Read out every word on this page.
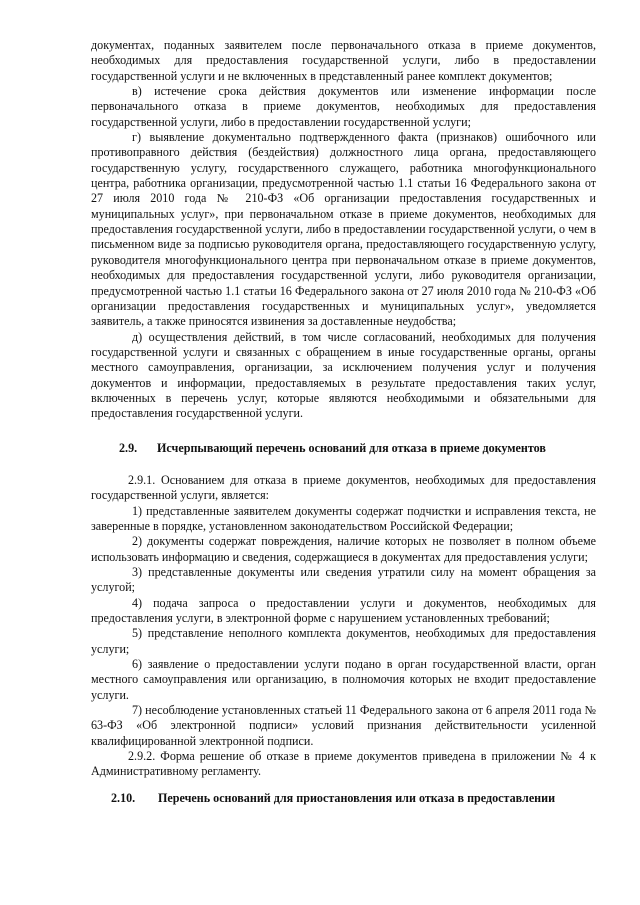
документах, поданных заявителем после первоначального отказа в приеме документов, необходимых для предоставления государственной услуги, либо в предоставлении государственной услуги и не включенных в представленный ранее комплект документов;

в) истечение срока действия документов или изменение информации после первоначального отказа в приеме документов, необходимых для предоставления государственной услуги, либо в предоставлении государственной услуги;

г) выявление документально подтвержденного факта (признаков) ошибочного или противоправного действия (бездействия) должностного лица органа, предоставляющего государственную услугу, государственного служащего, работника многофункционального центра, работника организации, предусмотренной частью 1.1 статьи 16 Федерального закона от 27 июля 2010 года № 210-ФЗ «Об организации предоставления государственных и муниципальных услуг», при первоначальном отказе в приеме документов, необходимых для предоставления государственной услуги, либо в предоставлении государственной услуги, о чем в письменном виде за подписью руководителя органа, предоставляющего государственную услугу, руководителя многофункционального центра при первоначальном отказе в приеме документов, необходимых для предоставления государственной услуги, либо руководителя организации, предусмотренной частью 1.1 статьи 16 Федерального закона от 27 июля 2010 года № 210-ФЗ «Об организации предоставления государственных и муниципальных услуг», уведомляется заявитель, а также приносятся извинения за доставленные неудобства;

д) осуществления действий, в том числе согласований, необходимых для получения государственной услуги и связанных с обращением в иные государственные органы, органы местного самоуправления, организации, за исключением получения услуг и получения документов и информации, предоставляемых в результате предоставления таких услуг, включенных в перечень услуг, которые являются необходимыми и обязательными для предоставления государственной услуги.

2.9.	Исчерпывающий перечень оснований для отказа в приеме документов

2.9.1. Основанием для отказа в приеме документов, необходимых для предоставления государственной услуги, является:

1) представленные заявителем документы содержат подчистки и исправления текста, не заверенные в порядке, установленном законодательством Российской Федерации;

2) документы содержат повреждения, наличие которых не позволяет в полном объеме использовать информацию и сведения, содержащиеся в документах для предоставления услуги;

3) представленные документы или сведения утратили силу на момент обращения за услугой;

4) подача запроса о предоставлении услуги и документов, необходимых для предоставления услуги, в электронной форме с нарушением установленных требований;

5) представление неполного комплекта документов, необходимых для предоставления услуги;

6) заявление о предоставлении услуги подано в орган государственной власти, орган местного самоуправления или организацию, в полномочия которых не входит предоставление услуги.

7) несоблюдение установленных статьей 11 Федерального закона от 6 апреля 2011 года № 63-ФЗ «Об электронной подписи» условий признания действительности усиленной квалифицированной электронной подписи.

2.9.2. Форма решение об отказе в приеме документов приведена в приложении № 4 к Административному регламенту.

2.10.	Перечень оснований для приостановления или отказа в предоставлении
